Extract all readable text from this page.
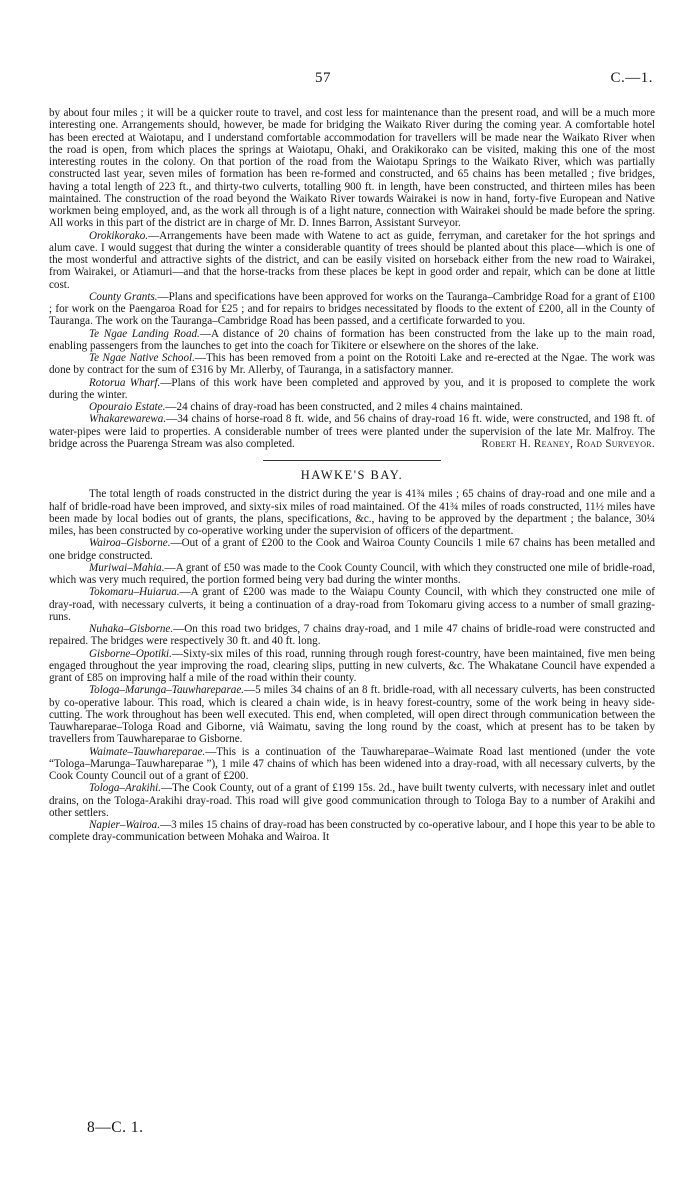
57	C.—1.

by about four miles ; it will be a quicker route to travel, and cost less for maintenance than the present road, and will be a much more interesting one. Arrangements should, however, be made for bridging the Waikato River during the coming year. A comfortable hotel has been erected at Waiotapu, and I understand comfortable accommodation for travellers will be made near the Waikato River when the road is open, from which places the springs at Waiotapu, Ohaki, and Orakikorako can be visited, making this one of the most interesting routes in the colony. On that portion of the road from the Waiotapu Springs to the Waikato River, which was partially constructed last year, seven miles of formation has been re-formed and constructed, and 65 chains has been metalled ; five bridges, having a total length of 223 ft., and thirty-two culverts, totalling 900 ft. in length, have been constructed, and thirteen miles has been maintained. The construction of the road beyond the Waikato River towards Wairakei is now in hand, forty-five European and Native workmen being employed, and, as the work all through is of a light nature, connection with Wairakei should be made before the spring. All works in this part of the district are in charge of Mr. D. Innes Barron, Assistant Surveyor.

Orokikorako.—Arrangements have been made with Watene to act as guide, ferryman, and caretaker for the hot springs and alum cave. I would suggest that during the winter a considerable quantity of trees should be planted about this place—which is one of the most wonderful and attractive sights of the district, and can be easily visited on horseback either from the new road to Wairakei, from Wairakei, or Atiamuri—and that the horse-tracks from these places be kept in good order and repair, which can be done at little cost.

County Grants.—Plans and specifications have been approved for works on the Tauranga–Cambridge Road for a grant of £100 ; for work on the Paengaroa Road for £25 ; and for repairs to bridges necessitated by floods to the extent of £200, all in the County of Tauranga. The work on the Tauranga–Cambridge Road has been passed, and a certificate forwarded to you.

Te Ngae Landing Road.—A distance of 20 chains of formation has been constructed from the lake up to the main road, enabling passengers from the launches to get into the coach for Tikitere or elsewhere on the shores of the lake.

Te Ngae Native School.—This has been removed from a point on the Rotoiti Lake and re-erected at the Ngae. The work was done by contract for the sum of £316 by Mr. Allerby, of Tauranga, in a satisfactory manner.

Rotorua Wharf.—Plans of this work have been completed and approved by you, and it is proposed to complete the work during the winter.

Opouraio Estate.—24 chains of dray-road has been constructed, and 2 miles 4 chains maintained.

Whakarewarewa.—34 chains of horse-road 8 ft. wide, and 56 chains of dray-road 16 ft. wide, were constructed, and 198 ft. of water-pipes were laid to properties. A considerable number of trees were planted under the supervision of the late Mr. Malfroy. The bridge across the Puarenga Stream was also completed.	Robert H. Reaney, Road Surveyor.

HAWKE'S BAY.

The total length of roads constructed in the district during the year is 41¾ miles ; 65 chains of dray-road and one mile and a half of bridle-road have been improved, and sixty-six miles of road maintained. Of the 41¾ miles of roads constructed, 11½ miles have been made by local bodies out of grants, the plans, specifications, &c., having to be approved by the department ; the balance, 30¼ miles, has been constructed by co-operative working under the supervision of officers of the department.

Wairoa–Gisborne.—Out of a grant of £200 to the Cook and Wairoa County Councils 1 mile 67 chains has been metalled and one bridge constructed.

Muriwai–Mahia.—A grant of £50 was made to the Cook County Council, with which they constructed one mile of bridle-road, which was very much required, the portion formed being very bad during the winter months.

Tokomaru–Huiarua.—A grant of £200 was made to the Waiapu County Council, with which they constructed one mile of dray-road, with necessary culverts, it being a continuation of a dray-road from Tokomaru giving access to a number of small grazing-runs.

Nuhaka–Gisborne.—On this road two bridges, 7 chains dray-road, and 1 mile 47 chains of bridle-road were constructed and repaired. The bridges were respectively 30 ft. and 40 ft. long.

Gisborne–Opotiki.—Sixty-six miles of this road, running through rough forest-country, have been maintained, five men being engaged throughout the year improving the road, clearing slips, putting in new culverts, &c. The Whakatane Council have expended a grant of £85 on improving half a mile of the road within their county.

Tologa–Marunga–Tauwhareparae.—5 miles 34 chains of an 8 ft. bridle-road, with all necessary culverts, has been constructed by co-operative labour. This road, which is cleared a chain wide, is in heavy forest-country, some of the work being in heavy side-cutting. The work throughout has been well executed. This end, when completed, will open direct through communication between the Tauwhareparae–Tologa Road and Giborne, viâ Waimatu, saving the long round by the coast, which at present has to be taken by travellers from Tauwhareparae to Gisborne.

Waimate–Tauwhareparae.—This is a continuation of the Tauwhareparae–Waimate Road last mentioned (under the vote “Tologa–Marunga–Tauwhareparae ”), 1 mile 47 chains of which has been widened into a dray-road, with all necessary culverts, by the Cook County Council out of a grant of £200.

Tologa–Arakihi.—The Cook County, out of a grant of £199 15s. 2d., have built twenty culverts, with necessary inlet and outlet drains, on the Tologa-Arakihi dray-road. This road will give good communication through to Tologa Bay to a number of Arakihi and other settlers.

Napier–Wairoa.—3 miles 15 chains of dray-road has been constructed by co-operative labour, and I hope this year to be able to complete dray-communication between Mohaka and Wairoa. It

8—C. 1.
